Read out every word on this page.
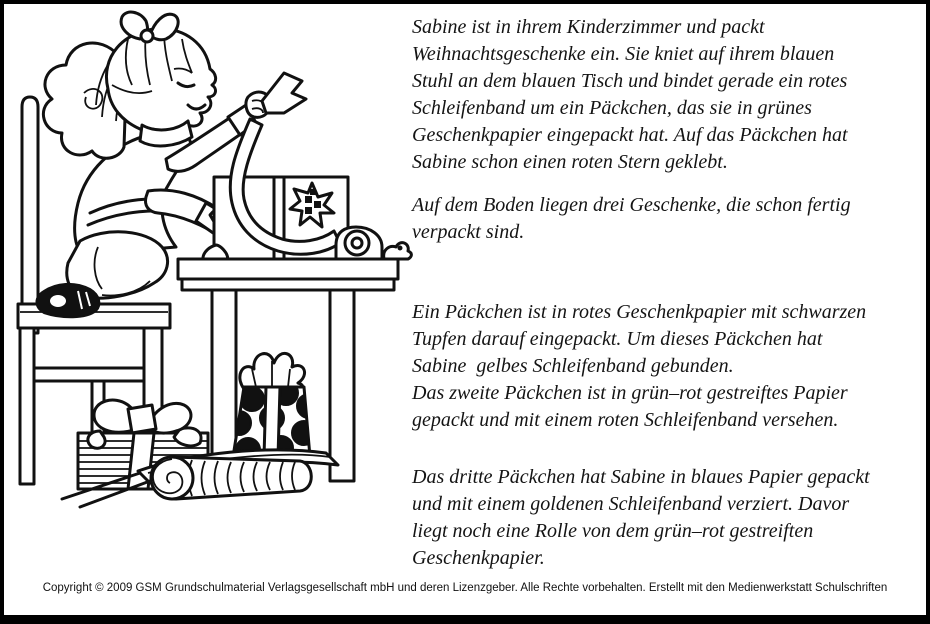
Sabine ist in ihrem Kinderzimmer und packt
Weihnachtsgeschenke ein. Sie kniet auf ihrem blauen
Stuhl an dem blauen Tisch und bindet gerade ein rotes
Schleifenband um ein Päckchen, das sie in grünes
Geschenkpapier eingepackt hat. Auf das Päckchen hat
Sabine schon einen roten Stern geklebt.
Auf dem Boden liegen drei Geschenke, die schon fertig
verpackt sind.
Ein Päckchen ist in rotes Geschenkpapier mit schwarzen
Tupfen darauf eingepackt. Um dieses Päckchen hat
Sabine  gelbes Schleifenband gebunden.
Das zweite Päckchen ist in grün–rot gestreiftes Papier
gepackt und mit einem roten Schleifenband versehen.
Das dritte Päckchen hat Sabine in blaues Papier gepackt
und mit einem goldenen Schleifenband verziert. Davor
liegt noch eine Rolle von dem grün–rot gestreiften
Geschenkpapier.
Copyright © 2009 GSM Grundschulmaterial Verlagsgesellschaft mbH und deren Lizenzgeber. Alle Rechte vorbehalten. Erstellt mit den Medienwerkstatt Schulschriften
